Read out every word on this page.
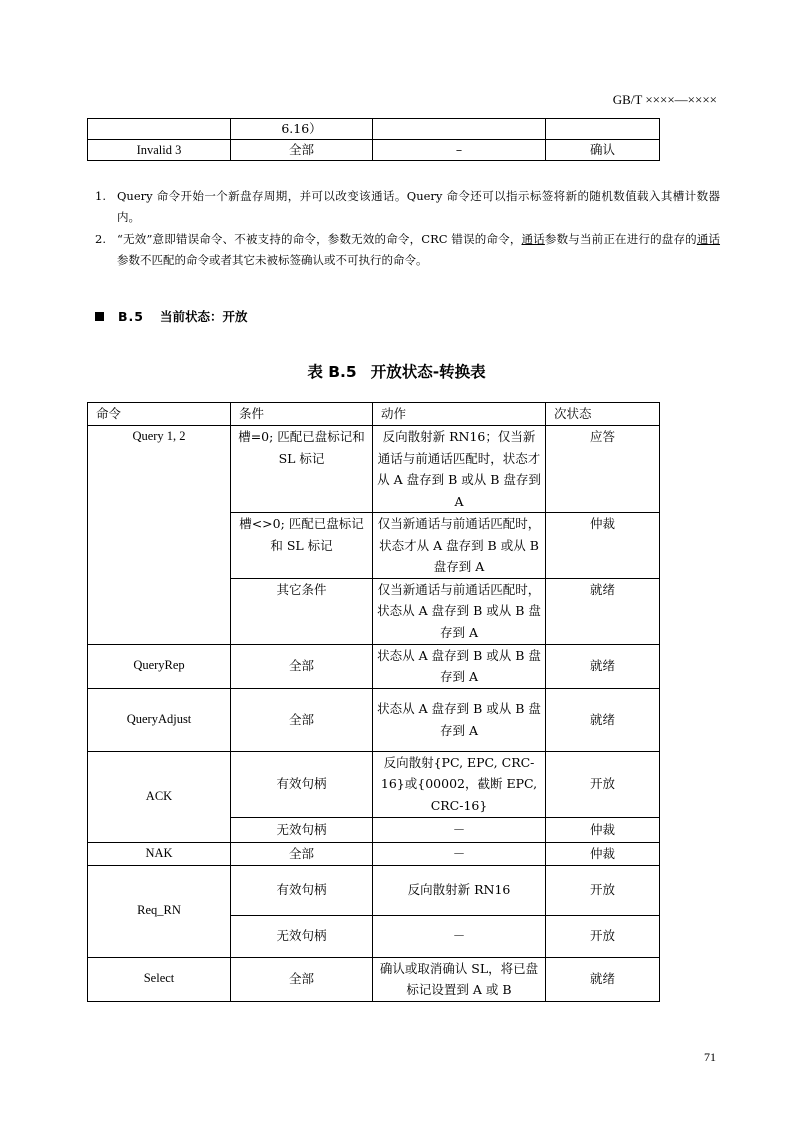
GB/T ××××—××××
	6.16）		
Invalid 3	全部	–	确认
1. Query 命令开始一个新盘存周期，并可以改变该通话。Query 命令还可以指示标签将新的随机数值载入其槽计数器内。
2. “无效”意即错误命令、不被支持的命令，参数无效的命令，CRC 错误的命令，通话参数与当前正在进行的盘存的通话参数不匹配的命令或者其它未被标签确认或不可执行的命令。
B.5 当前状态：开放
表 B.5 开放状态-转换表
命令	条件	动作	次状态
Query 1, 2	槽=0; 匹配已盘标记和 SL 标记	反向散射新 RN16；仅当新通话与前通话匹配时，状态才从 A 盘存到 B 或从 B 盘存到 A	应答
	槽<>0; 匹配已盘标记和 SL 标记	仅当新通话与前通话匹配时，状态才从 A 盘存到 B 或从 B 盘存到 A	仲裁
	其它条件	仅当新通话与前通话匹配时，状态从 A 盘存到 B 或从 B 盘存到 A	就绪
QueryRep	全部	状态从 A 盘存到 B 或从 B 盘存到 A	就绪
QueryAdjust	全部	状态从 A 盘存到 B 或从 B 盘存到 A	就绪
ACK	有效句柄	反向散射{PC, EPC, CRC-16}或{00002，截断 EPC, CRC-16}	开放
	无效句柄	－	仲裁
NAK	全部	－	仲裁
Req_RN	有效句柄	反向散射新 RN16	开放
	无效句柄	－	开放
Select	全部	确认或取消确认 SL，将已盘标记设置到 A 或 B	就绪
71
